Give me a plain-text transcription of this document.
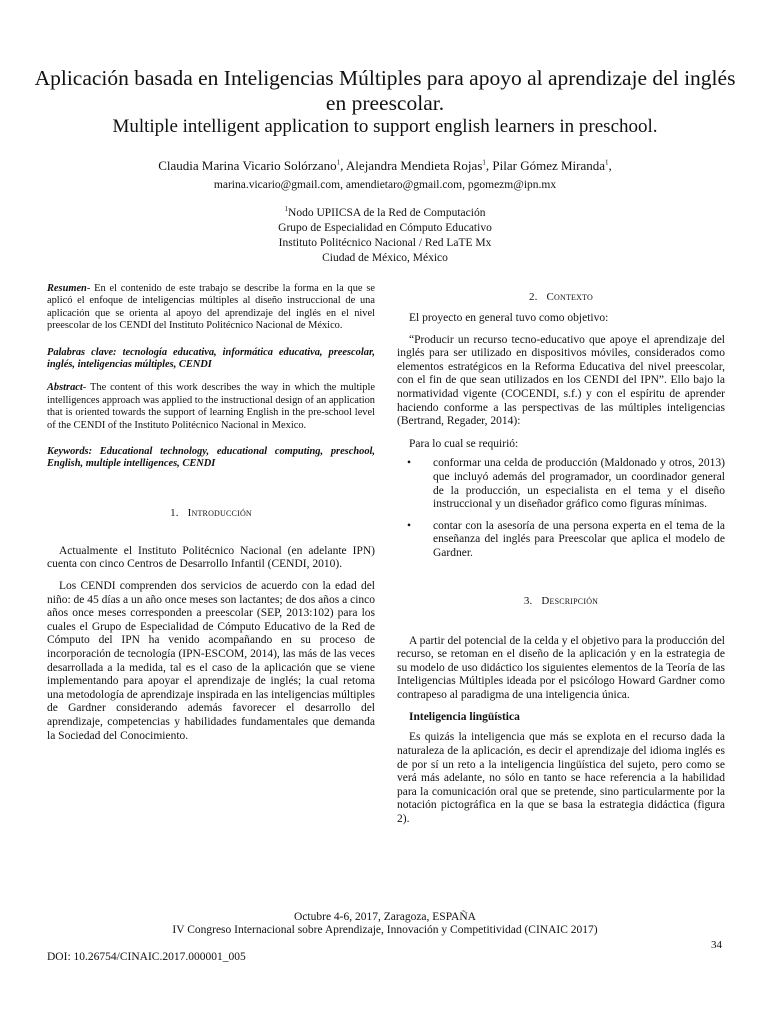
Aplicación basada en Inteligencias Múltiples para apoyo al aprendizaje del inglés en preescolar.
Multiple intelligent application to support english learners in preschool.
Claudia Marina Vicario Solórzano$^1$, Alejandra Mendieta Rojas$^1$, Pilar Gómez Miranda$^1$,
marina.vicario@gmail.com, amendietaro@gmail.com, pgomezm@ipn.mx
$^1$Nodo UPIICSA de la Red de Computación
Grupo de Especialidad en Cómputo Educativo
Instituto Politécnico Nacional / Red LaTE Mx
Ciudad de México, México

Resumen- En el contenido de este trabajo se describe la forma en la que se aplicó el enfoque de inteligencias múltiples al diseño instruccional de una aplicación que se orienta al apoyo del aprendizaje del inglés en el nivel preescolar de los CENDI del Instituto Politécnico Nacional de México.

Palabras clave: tecnología educativa, informática educativa, preescolar, inglés, inteligencias múltiples, CENDI

Abstract- The content of this work describes the way in which the multiple intelligences approach was applied to the instructional design of an application that is oriented towards the support of learning English in the pre-school level of the CENDI of the Instituto Politécnico Nacional in Mexico.

Keywords: Educational technology, educational computing, preschool, English, multiple intelligences, CENDI

1. Introducción

Actualmente el Instituto Politécnico Nacional (en adelante IPN) cuenta con cinco Centros de Desarrollo Infantil (CENDI, 2010).

Los CENDI comprenden dos servicios de acuerdo con la edad del niño: de 45 días a un año once meses son lactantes; de dos años a cinco años once meses corresponden a preescolar (SEP, 2013:102) para los cuales el Grupo de Especialidad de Cómputo Educativo de la Red de Cómputo del IPN ha venido acompañando en su proceso de incorporación de tecnología (IPN-ESCOM, 2014), las más de las veces desarrollada a la medida, tal es el caso de la aplicación que se viene implementando para apoyar el aprendizaje de inglés; la cual retoma una metodología de aprendizaje inspirada en las inteligencias múltiples de Gardner considerando además favorecer el desarrollo del aprendizaje, competencias y habilidades fundamentales que demanda la Sociedad del Conocimiento.

2. Contexto

El proyecto en general tuvo como objetivo:

“Producir un recurso tecno-educativo que apoye el aprendizaje del inglés para ser utilizado en dispositivos móviles, considerados como elementos estratégicos en la Reforma Educativa del nivel preescolar, con el fin de que sean utilizados en los CENDI del IPN”. Ello bajo la normatividad vigente (COCENDI, s.f.) y con el espíritu de aprender haciendo conforme a las perspectivas de las múltiples inteligencias (Bertrand, Regader, 2014):

Para lo cual se requirió:

• conformar una celda de producción (Maldonado y otros, 2013) que incluyó además del programador, un coordinador general de la producción, un especialista en el tema y el diseño instruccional y un diseñador gráfico como figuras mínimas.
• contar con la asesoría de una persona experta en el tema de la enseñanza del inglés para Preescolar que aplica el modelo de Gardner.

3. Descripción

A partir del potencial de la celda y el objetivo para la producción del recurso, se retoman en el diseño de la aplicación y en la estrategia de su modelo de uso didáctico los siguientes elementos de la Teoría de las Inteligencias Múltiples ideada por el psicólogo Howard Gardner como contrapeso al paradigma de una inteligencia única.

Inteligencia lingüística

Es quizás la inteligencia que más se explota en el recurso dada la naturaleza de la aplicación, es decir el aprendizaje del idioma inglés es de por sí un reto a la inteligencia lingüística del sujeto, pero como se verá más adelante, no sólo en tanto se hace referencia a la habilidad para la comunicación oral que se pretende, sino particularmente por la notación pictográfica en la que se basa la estrategia didáctica (figura 2).

Octubre 4-6, 2017, Zaragoza, ESPAÑA
IV Congreso Internacional sobre Aprendizaje, Innovación y Competitividad (CINAIC 2017)
34
DOI: 10.26754/CINAIC.2017.000001_005
